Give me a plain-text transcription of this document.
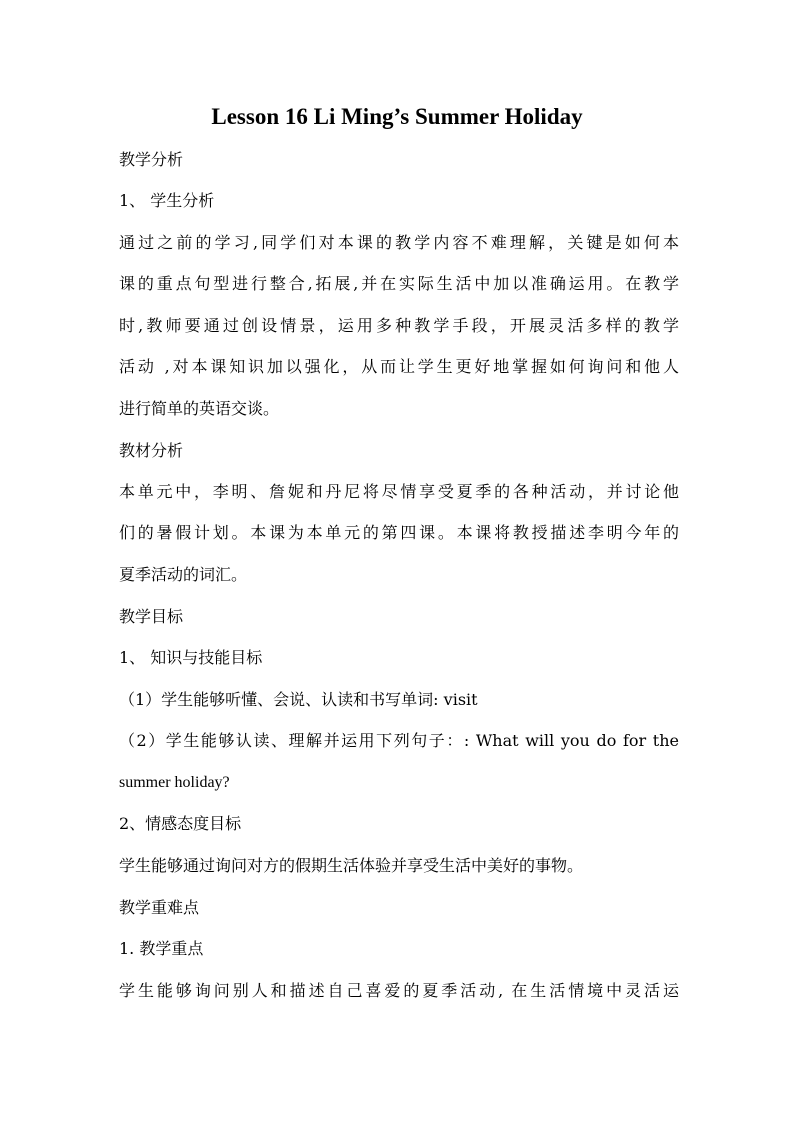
Lesson 16 Li Ming’s Summer Holiday
教学分析
1、 学生分析
通过之前的学习,同学们对本课的教学内容不难理解，关键是如何本
课的重点句型进行整合,拓展,并在实际生活中加以准确运用。在教学
时,教师要通过创设情景，运用多种教学手段，开展灵活多样的教学
活动 ,对本课知识加以强化，从而让学生更好地掌握如何询问和他人
进行简单的英语交谈。
教材分析
本单元中，李明、詹妮和丹尼将尽情享受夏季的各种活动，并讨论他
们的暑假计划。本课为本单元的第四课。本课将教授描述李明今年的
夏季活动的词汇。
教学目标
1、 知识与技能目标
（1）学生能够听懂、会说、认读和书写单词: visit
（2）学生能够认读、理解并运用下列句子：: What will you do for the
summer holiday?
2、情感态度目标
学生能够通过询问对方的假期生活体验并享受生活中美好的事物。
教学重难点
1. 教学重点
学生能够询问别人和描述自己喜爱的夏季活动, 在生活情境中灵活运
